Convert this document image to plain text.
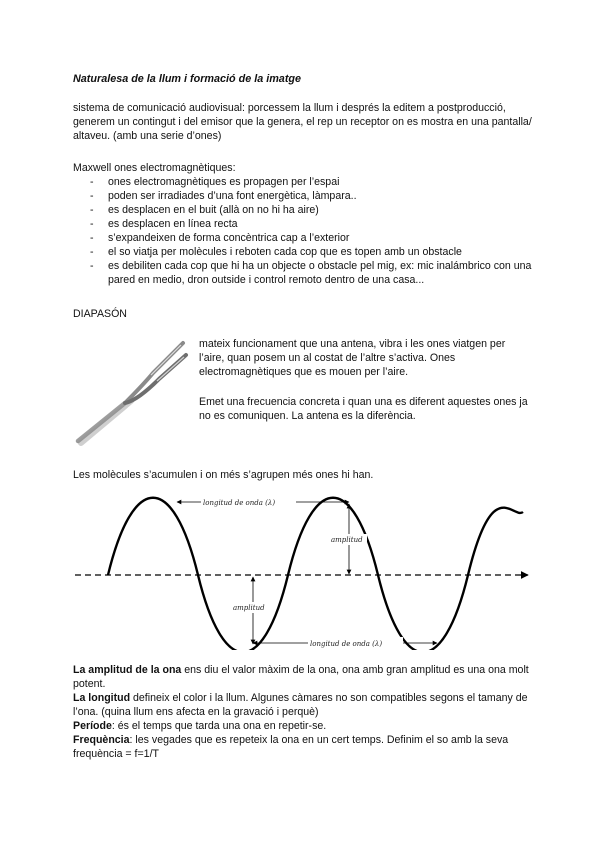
Naturalesa de la llum i formació de la imatge
sistema de comunicació audiovisual: porcessem la llum i després la editem a postproducció, generem un contingut i del emisor que la genera, el rep un receptor on es mostra en una pantalla/ altaveu. (amb una serie d’ones)
Maxwell ones electromagnètiques:
- ones electromagnètiques es propagen per l’espai
- poden ser irradiades d’una font energètica, làmpara..
- es desplacen en el buit (allà on no hi ha aire)
- es desplacen en línea recta
- s’expandeixen de forma concèntrica cap a l’exterior
- el so viatja per molècules i reboten cada cop que es topen amb un obstacle
- es debiliten cada cop que hi ha un objecte o obstacle pel mig, ex: mic inalámbrico con una pared en medio, dron outside i control remoto dentro de una casa...
DIAPASÓN
mateix funcionament que una antena, vibra i les ones viatgen per l’aire, quan posem un al costat de l’altre s’activa. Ones electromagnètiques que es mouen per l’aire.
Emet una frecuencia concreta i quan una es diferent aquestes ones ja no es comuniquen. La antena es la diferència.
Les molècules s’acumulen i on més s’agrupen més ones hi han.
longitud de onda (λ)
longitud de onda (λ)
amplitud
amplitud

La amplitud de la ona ens diu el valor màxim de la ona, ona amb gran amplitud es una ona molt potent.

La longitud defineix el color i la llum. Algunes càmares no son compatibles segons el tamany de l’ona. (quina llum ens afecta en la gravació i perquè)

Període: és el temps que tarda una ona en repetir-se.

Frequència: les vegades que es repeteix la ona en un cert temps. Definim el so amb la seva frequència = f=1/T
